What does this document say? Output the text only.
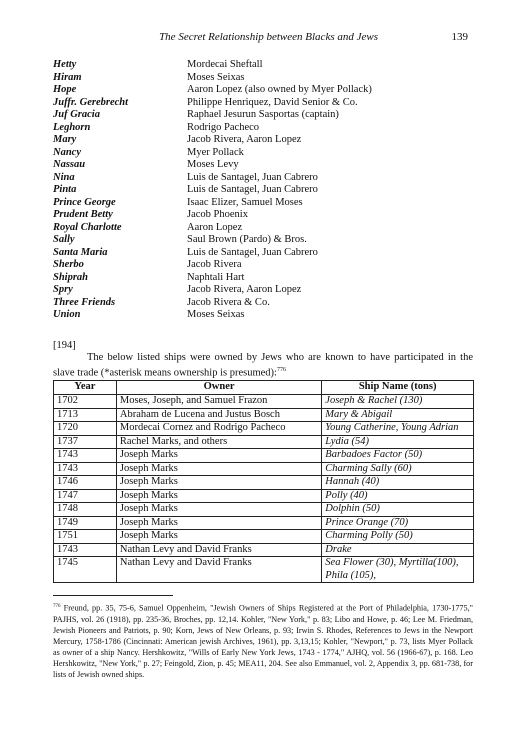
The Secret Relationship between Blacks and Jews	139
Hetty	Mordecai Sheftall
Hiram	Moses Seixas
Hope	Aaron Lopez (also owned by Myer Pollack)
Juffr. Gerebrecht	Philippe Henriquez, David Senior & Co.
Juf Gracia	Raphael Jesurun Sasportas (captain)
Leghorn	Rodrigo Pacheco
Mary	Jacob Rivera, Aaron Lopez
Nancy	Myer Pollack
Nassau	Moses Levy
Nina	Luis de Santagel, Juan Cabrero
Pinta	Luis de Santagel, Juan Cabrero
Prince George	Isaac Elizer, Samuel Moses
Prudent Betty	Jacob Phoenix
Royal Charlotte	Aaron Lopez
Sally	Saul Brown (Pardo) & Bros.
Santa Maria	Luis de Santagel, Juan Cabrero
Sherbo	Jacob Rivera
Shiprah	Naphtali Hart
Spry	Jacob Rivera, Aaron Lopez
Three Friends	Jacob Rivera & Co.
Union	Moses Seixas
[194]

The below listed ships were owned by Jews who are known to have participated in the slave trade (*asterisk means ownership is presumed):$^{776}$

Year	Owner	Ship Name (tons)
1702	Moses, Joseph, and Samuel Frazon	Joseph & Rachel (130)
1713	Abraham de Lucena and Justus Bosch	Mary & Abigail
1720	Mordecai Cornez and Rodrigo Pacheco	Young Catherine, Young Adrian
1737	Rachel Marks, and others	Lydia (54)
1743	Joseph Marks	Barbadoes Factor (50)
1743	Joseph Marks	Charming Sally (60)
1746	Joseph Marks	Hannah (40)
1747	Joseph Marks	Polly (40)
1748	Joseph Marks	Dolphin (50)
1749	Joseph Marks	Prince Orange (70)
1751	Joseph Marks	Charming Polly (50)
1743	Nathan Levy and David Franks	Drake
1745	Nathan Levy and David Franks	Sea Flower (30), Myrtilla(100), Phila (105),

$^{776}$ Freund, pp. 35, 75-6, Samuel Oppenheim, "Jewish Owners of Ships Registered at the Port of Philadelphia, 1730-1775," PAJHS, vol. 26 (1918), pp. 235-36, Broches, pp. 12,14. Kohler, "New York," p. 83; Libo and Howe, p. 46; Lee M. Friedman, Jewish Pioneers and Patriots, p. 90; Korn, Jews of New Orleans, p. 93; Irwin S. Rhodes, References to Jews in the Newport Mercury, 1758-1786 (Cincinnati: American jewish Archives, 1961), pp. 3,13,15; Kohler, "Newport," p. 73, lists Myer Pollack as owner of a ship Nancy. Hershkowitz, "Wills of Early New York Jews, 1743 - 1774," AJHQ, vol. 56 (1966-67), p. 168. Leo Hershkowitz, "New York," p. 27; Feingold, Zion, p. 45; MEA11, 204. See also Emmanuel, vol. 2, Appendix 3, pp. 681-738, for lists of Jewish owned ships.
